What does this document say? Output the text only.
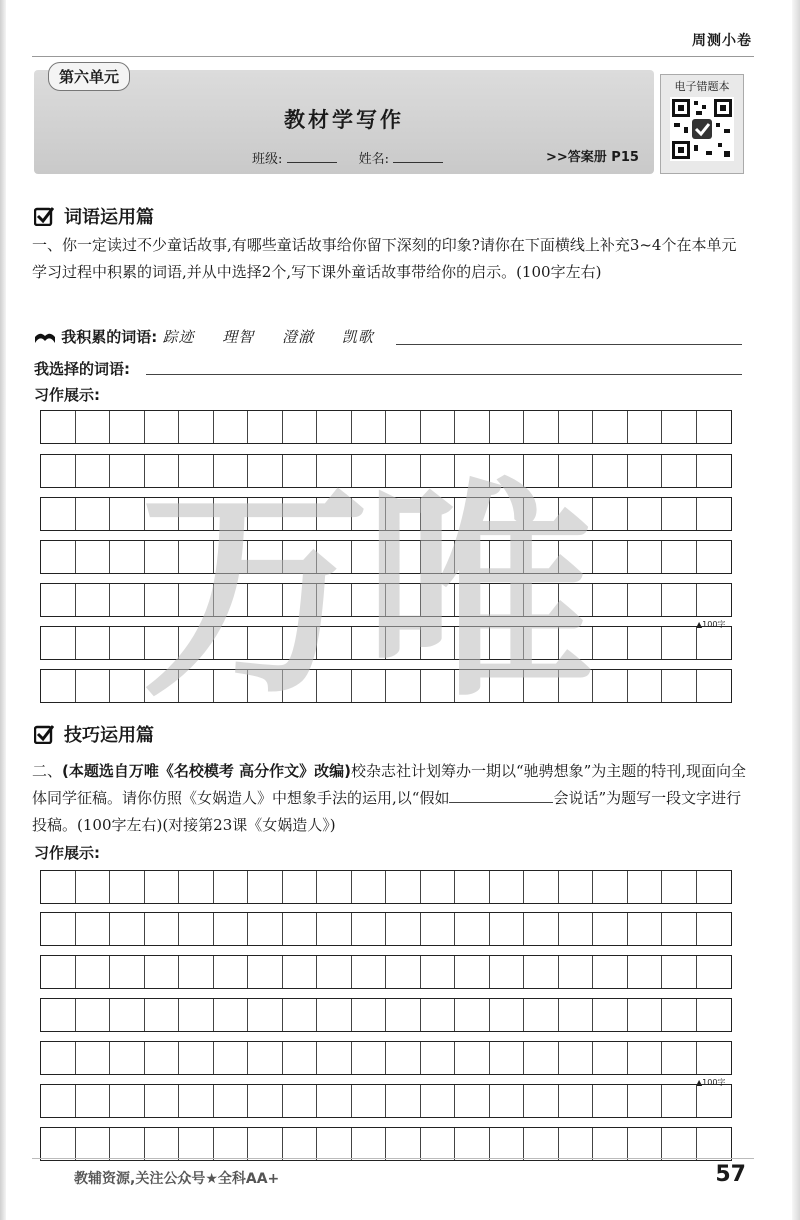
周测小卷
第六单元
教材学写作
班级:	姓名:	>>答案册 P15
电子错题本
词语运用篇
一、你一定读过不少童话故事,有哪些童话故事给你留下深刻的印象?请你在下面横线上补充3~4个在本单元学习过程中积累的词语,并从中选择2个,写下课外童话故事带给你的启示。(100字左右)
我积累的词语: 踪迹 理智 澄澈 凯歌
我选择的词语:
习作展示:
▲100字
万唯
技巧运用篇
二、(本题选自万唯《名校模考 高分作文》改编)校杂志社计划筹办一期以“驰骋想象”为主题的特刊,现面向全体同学征稿。请你仿照《女娲造人》中想象手法的运用,以“假如	会说话”为题写一段文字进行投稿。(100字左右)(对接第23课《女娲造人》)
习作展示:
▲100字
教辅资源,关注公众号★全科AA+	57
